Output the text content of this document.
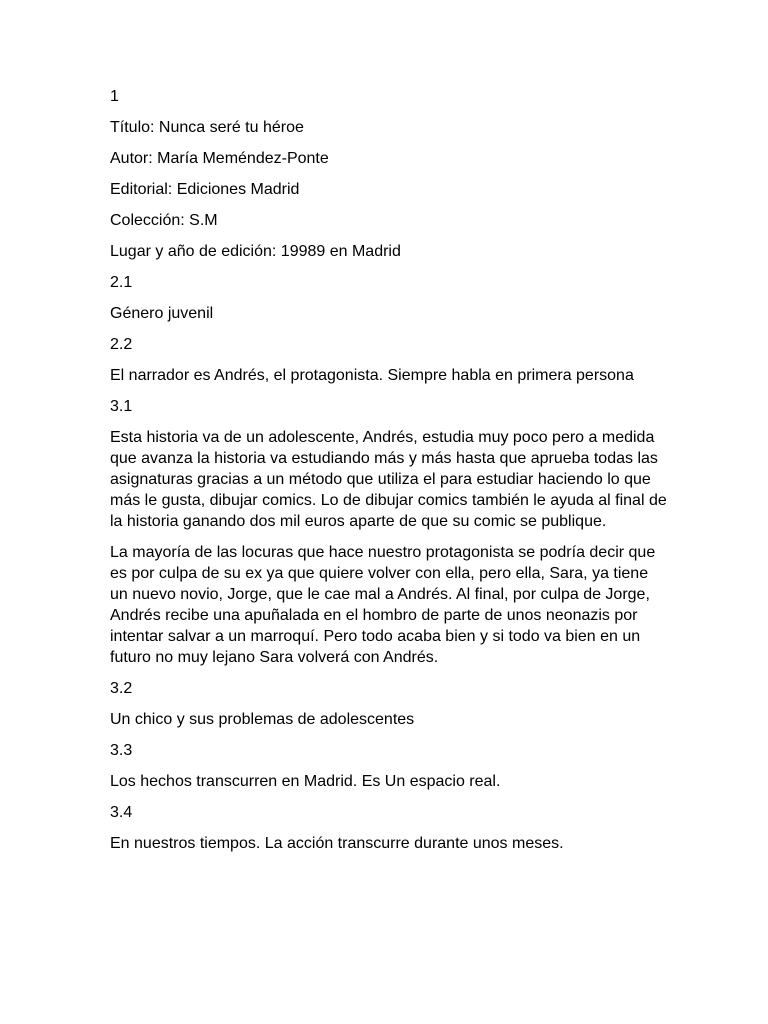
1

Título: Nunca seré tu héroe

Autor: María Meméndez-Ponte

Editorial: Ediciones Madrid

Colección: S.M

Lugar y año de edición: 19989 en Madrid

2.1

Género juvenil

2.2

El narrador es Andrés, el protagonista. Siempre habla en primera persona

3.1

Esta historia va de un adolescente, Andrés, estudia muy poco pero a medida que avanza la historia va estudiando más y más hasta que aprueba todas las asignaturas gracias a un método que utiliza el para estudiar haciendo lo que más le gusta, dibujar comics. Lo de dibujar comics también le ayuda al final de la historia ganando dos mil euros aparte de que su comic se publique.

La mayoría de las locuras que hace nuestro protagonista se podría decir que es por culpa de su ex ya que quiere volver con ella, pero ella, Sara, ya tiene un nuevo novio, Jorge, que le cae mal a Andrés. Al final, por culpa de Jorge, Andrés recibe una apuñalada en el hombro de parte de unos neonazis por intentar salvar a un marroquí. Pero todo acaba bien y si todo va bien en un futuro no muy lejano Sara volverá con Andrés.

3.2

Un chico y sus problemas de adolescentes

3.3

Los hechos transcurren en Madrid. Es Un espacio real.

3.4

En nuestros tiempos. La acción transcurre durante unos meses.
